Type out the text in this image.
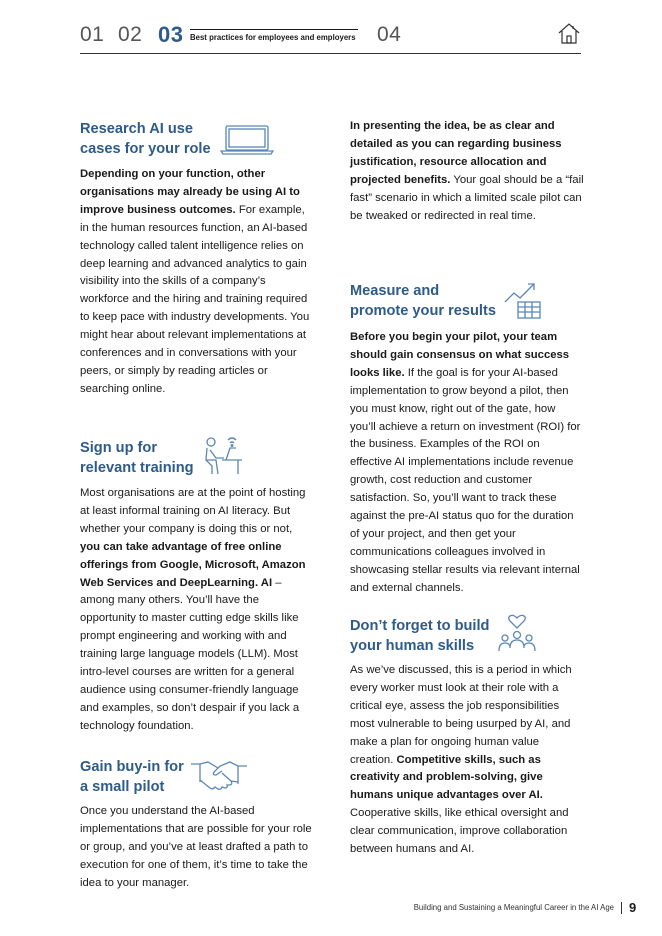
01 02 03 Best practices for employees and employers 04
Research AI use
cases for your role

Depending on your function, other organisations may already be using AI to improve business outcomes. For example, in the human resources function, an AI-based technology called talent intelligence relies on deep learning and advanced analytics to gain visibility into the skills of a company’s workforce and the hiring and training required to keep pace with industry developments. You might hear about relevant implementations at conferences and in conversations with your peers, or simply by reading articles or searching online.

Sign up for
relevant training

Most organisations are at the point of hosting at least informal training on AI literacy. But whether your company is doing this or not, you can take advantage of free online offerings from Google, Microsoft, Amazon Web Services and DeepLearning. AI – among many others. You’ll have the opportunity to master cutting edge skills like prompt engineering and working with and training large language models (LLM). Most intro-level courses are written for a general audience using consumer-friendly language and examples, so don’t despair if you lack a technology foundation.

Gain buy-in for
a small pilot

Once you understand the AI-based implementations that are possible for your role or group, and you’ve at least drafted a path to execution for one of them, it’s time to take the idea to your manager.

In presenting the idea, be as clear and detailed as you can regarding business justification, resource allocation and projected benefits. Your goal should be a “fail fast” scenario in which a limited scale pilot can be tweaked or redirected in real time.

Measure and
promote your results

Before you begin your pilot, your team should gain consensus on what success looks like. If the goal is for your AI-based implementation to grow beyond a pilot, then you must know, right out of the gate, how you’ll achieve a return on investment (ROI) for the business. Examples of the ROI on effective AI implementations include revenue growth, cost reduction and customer satisfaction. So, you’ll want to track these against the pre-AI status quo for the duration of your project, and then get your communications colleagues involved in showcasing stellar results via relevant internal and external channels.

Don’t forget to build
your human skills

As we’ve discussed, this is a period in which every worker must look at their role with a critical eye, assess the job responsibilities most vulnerable to being usurped by AI, and make a plan for ongoing human value creation. Competitive skills, such as creativity and problem-solving, give humans unique advantages over AI. Cooperative skills, like ethical oversight and clear communication, improve collaboration between humans and AI.

Building and Sustaining a Meaningful Career in the AI Age 9
